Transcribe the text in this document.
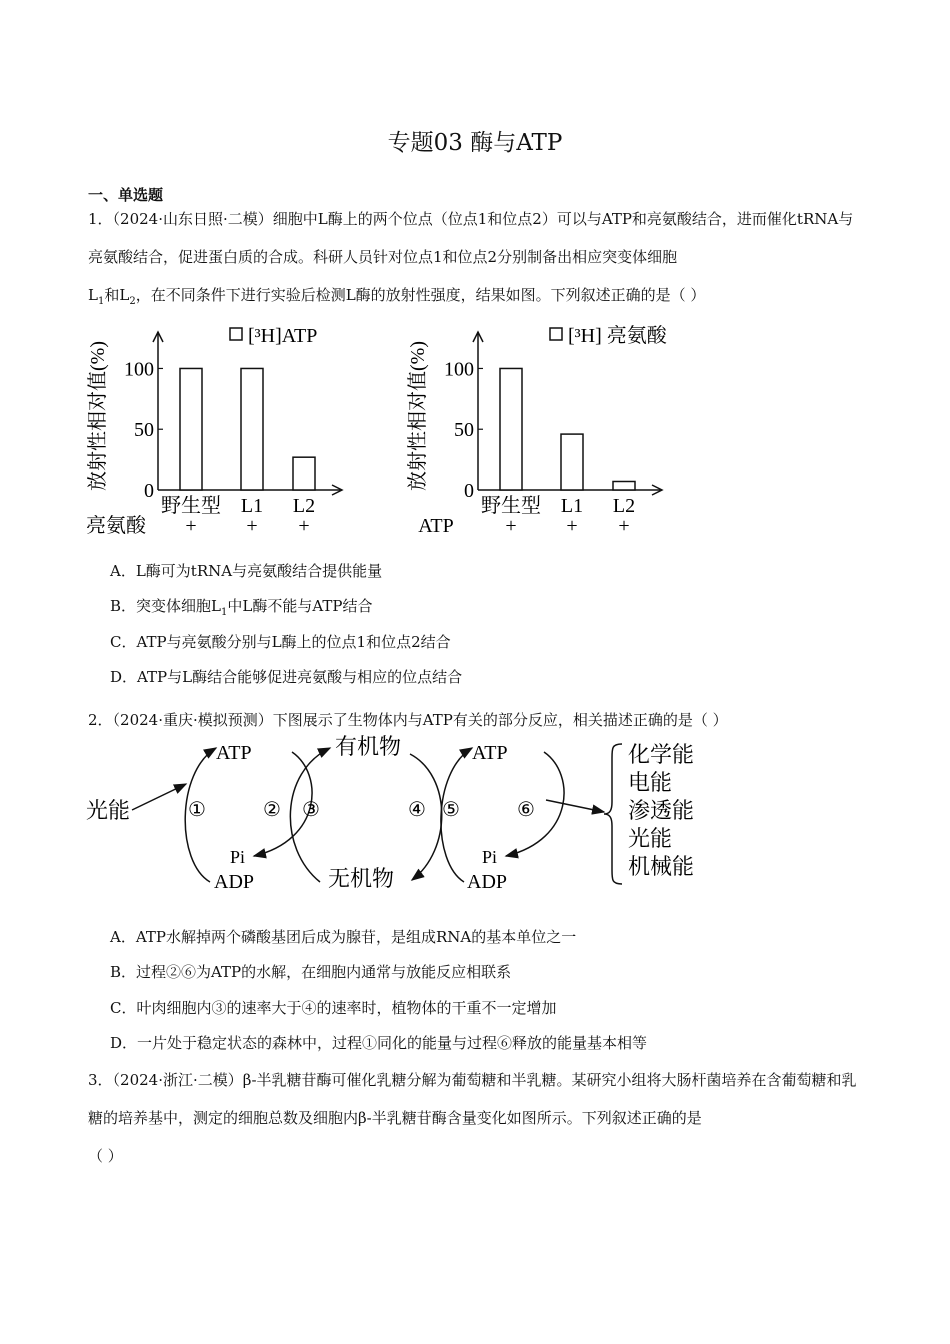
专题03 酶与ATP
一、单选题
1．（2024·山东日照·二模）细胞中L酶上的两个位点（位点1和位点2）可以与ATP和亮氨酸结合，进而催化tRNA与亮氨酸结合，促进蛋白质的合成。科研人员针对位点1和位点2分别制备出相应突变体细胞
$L_1$和$L_2$，在不同条件下进行实验后检测L酶的放射性强度，结果如图。下列叙述正确的是（ ）
放射性相对值(%)
0
50
100
[³H]ATP
野生型
+
L1
+
L2
+
亮氨酸
放射性相对值(%)
0
50
100
[³H] 亮氨酸
野生型
+
L1
+
L2
+
ATP
A．L酶可为tRNA与亮氨酸结合提供能量
B．突变体细胞$L_1$中L酶不能与ATP结合
C．ATP与亮氨酸分别与L酶上的位点1和位点2结合
D．ATP与L酶结合能够促进亮氨酸与相应的位点结合
2．（2024·重庆·模拟预测）下图展示了生物体内与ATP有关的部分反应，相关描述正确的是（ ）
光能
ATP
Pi
ADP
①	②
有机物
无机物
③	④
ATP
Pi
ADP
⑤	⑥
化学能
电能
渗透能
光能
机械能
A．ATP水解掉两个磷酸基团后成为腺苷，是组成RNA的基本单位之一
B．过程②⑥为ATP的水解，在细胞内通常与放能反应相联系
C．叶肉细胞内③的速率大于④的速率时，植物体的干重不一定增加
D．一片处于稳定状态的森林中，过程①同化的能量与过程⑥释放的能量基本相等
3．（2024·浙江·二模）β-半乳糖苷酶可催化乳糖分解为葡萄糖和半乳糖。某研究小组将大肠杆菌培养在含葡萄糖和乳糖的培养基中，测定的细胞总数及细胞内β-半乳糖苷酶含量变化如图所示。下列叙述正确的是
（ ）
